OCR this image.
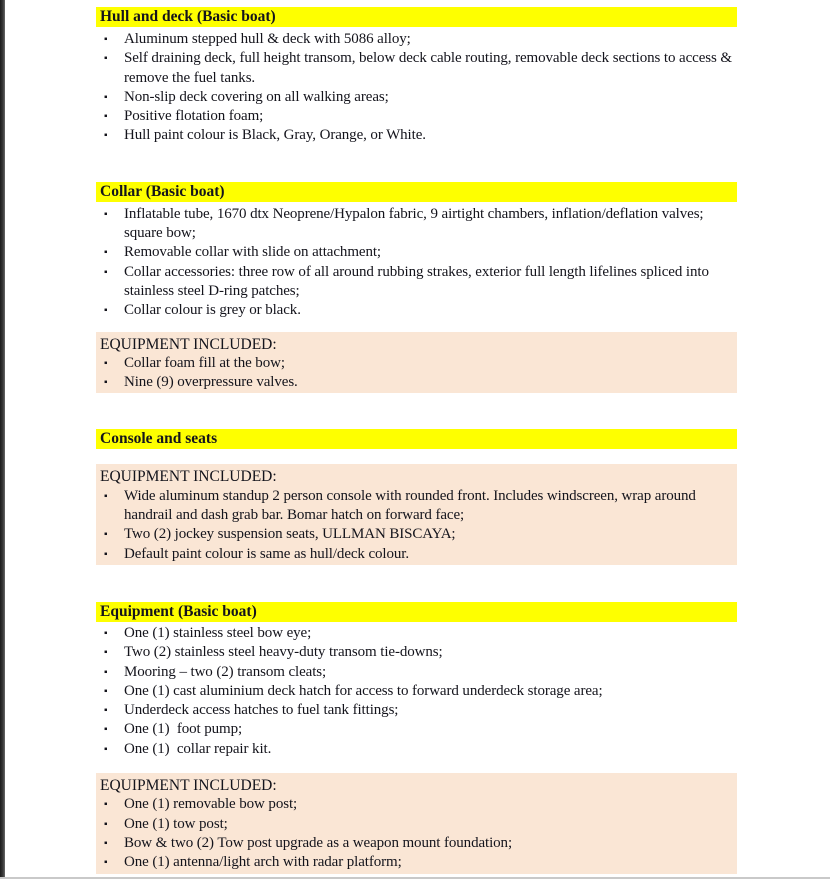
Hull and deck (Basic boat)
▪ Aluminum stepped hull & deck with 5086 alloy;
▪ Self draining deck, full height transom, below deck cable routing, removable deck sections to access & remove the fuel tanks.
▪ Non-slip deck covering on all walking areas;
▪ Positive flotation foam;
▪ Hull paint colour is Black, Gray, Orange, or White.
Collar (Basic boat)
▪ Inflatable tube, 1670 dtx Neoprene/Hypalon fabric, 9 airtight chambers, inflation/deflation valves; square bow;
▪ Removable collar with slide on attachment;
▪ Collar accessories: three row of all around rubbing strakes, exterior full length lifelines spliced into stainless steel D-ring patches;
▪ Collar colour is grey or black.
EQUIPMENT INCLUDED:
▪ Collar foam fill at the bow;
▪ Nine (9) overpressure valves.
Console and seats
EQUIPMENT INCLUDED:
▪ Wide aluminum standup 2 person console with rounded front. Includes windscreen, wrap around handrail and dash grab bar. Bomar hatch on forward face;
▪ Two (2) jockey suspension seats, ULLMAN BISCAYA;
▪ Default paint colour is same as hull/deck colour.
Equipment (Basic boat)
▪ One (1) stainless steel bow eye;
▪ Two (2) stainless steel heavy-duty transom tie-downs;
▪ Mooring – two (2) transom cleats;
▪ One (1) cast aluminium deck hatch for access to forward underdeck storage area;
▪ Underdeck access hatches to fuel tank fittings;
▪ One (1)  foot pump;
▪ One (1)  collar repair kit.
EQUIPMENT INCLUDED:
▪ One (1) removable bow post;
▪ One (1) tow post;
▪ Bow & two (2) Tow post upgrade as a weapon mount foundation;
▪ One (1) antenna/light arch with radar platform;
